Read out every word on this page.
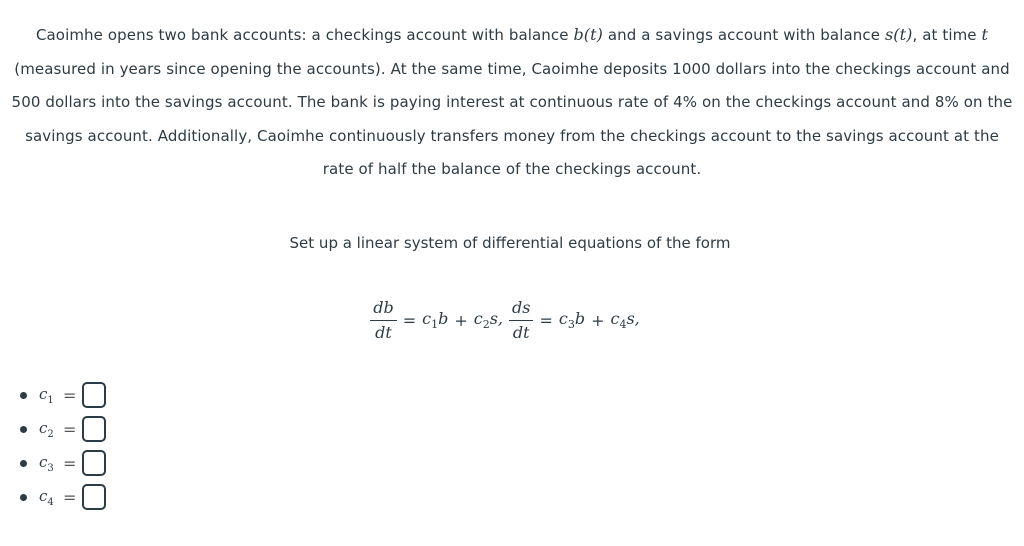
Caoimhe opens two bank accounts: a checkings account with balance b(t) and a savings account with balance s(t), at time t (measured in years since opening the accounts). At the same time, Caoimhe deposits 1000 dollars into the checkings account and 500 dollars into the savings account. The bank is paying interest at continuous rate of 4% on the checkings account and 8% on the savings account. Additionally, Caoimhe continuously transfers money from the checkings account to the savings account at the rate of half the balance of the checkings account.
Set up a linear system of differential equations of the form
$\frac{db}{dt} = c_1b + c_2s$, $\frac{ds}{dt} = c_3b + c_4s$,
$c_1$ =
$c_2$ =
$c_3$ =
$c_4$ =
